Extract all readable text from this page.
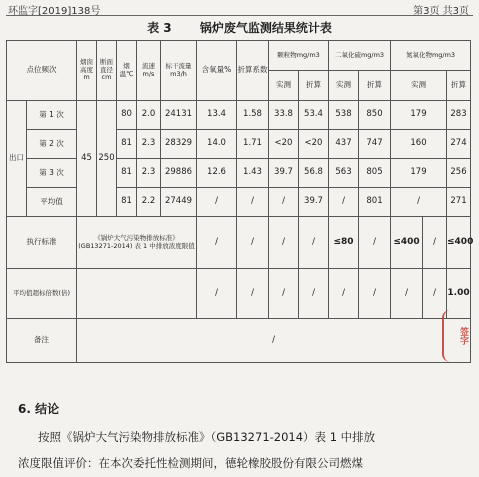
环监字[2019]138号	第3页 共3页
表 3 锅炉废气监测结果统计表
点位频次		烟囱高度m	断面直径cm	烟温℃	流速m/s	标干流量m3/h	含氧量%	折算系数	颗粒物mg/m3		二氧化硫mg/m3		氮氧化物mg/m3		
									实测	折算	实测	折算	实测		折算
出口	第 1 次	45	250	80	2.0	24131	13.4	1.58	33.8	53.4	538	850	179		283
	第 2 次			81	2.3	28329	14.0	1.71	<20	<20	437	747	160		274
	第 3 次			81	2.3	29886	12.6	1.43	39.7	56.8	563	805	179		256
	平均值			81	2.2	27449	/	/	/	39.7	/	801	/		271
执行标准		《锅炉大气污染物排放标准》(GB13271-2014) 表 1 中排放浓度限值					/	/	/	/	≤80	/	≤400	/	≤400
平均值超标倍数(倍)							/	/	/	/	/	/	/	/	1.00
备注		/														签字
6. 结论
按照《锅炉大气污染物排放标准》（GB13271-2014）表 1 中排放
浓度限值评价：在本次委托性检测期间，德轮橡胶股份有限公司燃煤
